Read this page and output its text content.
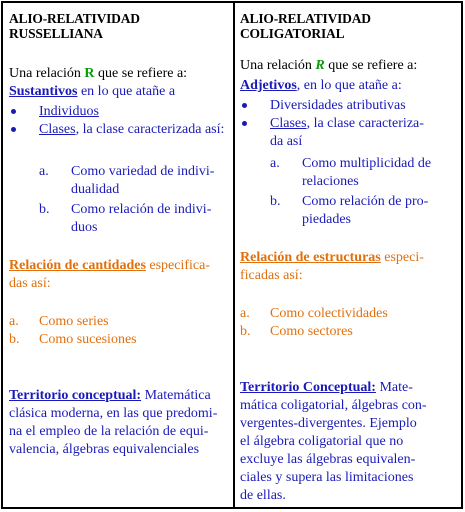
ALIO-RELATIVIDAD
RUSSELLIANA
Una relación R que se refiere a:
Sustantivos en lo que atañe a
Individuos
Clases, la clase caracterizada así:
a.	Como variedad de indivi-
dualidad
b.	Como relación de indivi-
duos
Relación de cantidades especifica-
das así:
a.	Como series
b.	Como sucesiones
Territorio conceptual: Matemática
clásica moderna, en las que predomi-
na el empleo de la relación de equi-
valencia, álgebras equivalenciales
ALIO-RELATIVIDAD
COLIGATORIAL
Una relación R que se refiere a:
Adjetivos, en lo que atañe a:
Diversidades atributivas
Clases, la clase caracteriza-
da así
a.	Como multiplicidad de
relaciones
b.	Como relación de pro-
piedades
Relación de estructuras especi-
ficadas así:
a.	Como colectividades
b.	Como sectores
Territorio Conceptual: Mate-
mática coligatorial, álgebras con-
vergentes-divergentes. Ejemplo
el álgebra coligatorial que no
excluye las álgebras equivalen-
ciales y supera las limitaciones
de ellas.
